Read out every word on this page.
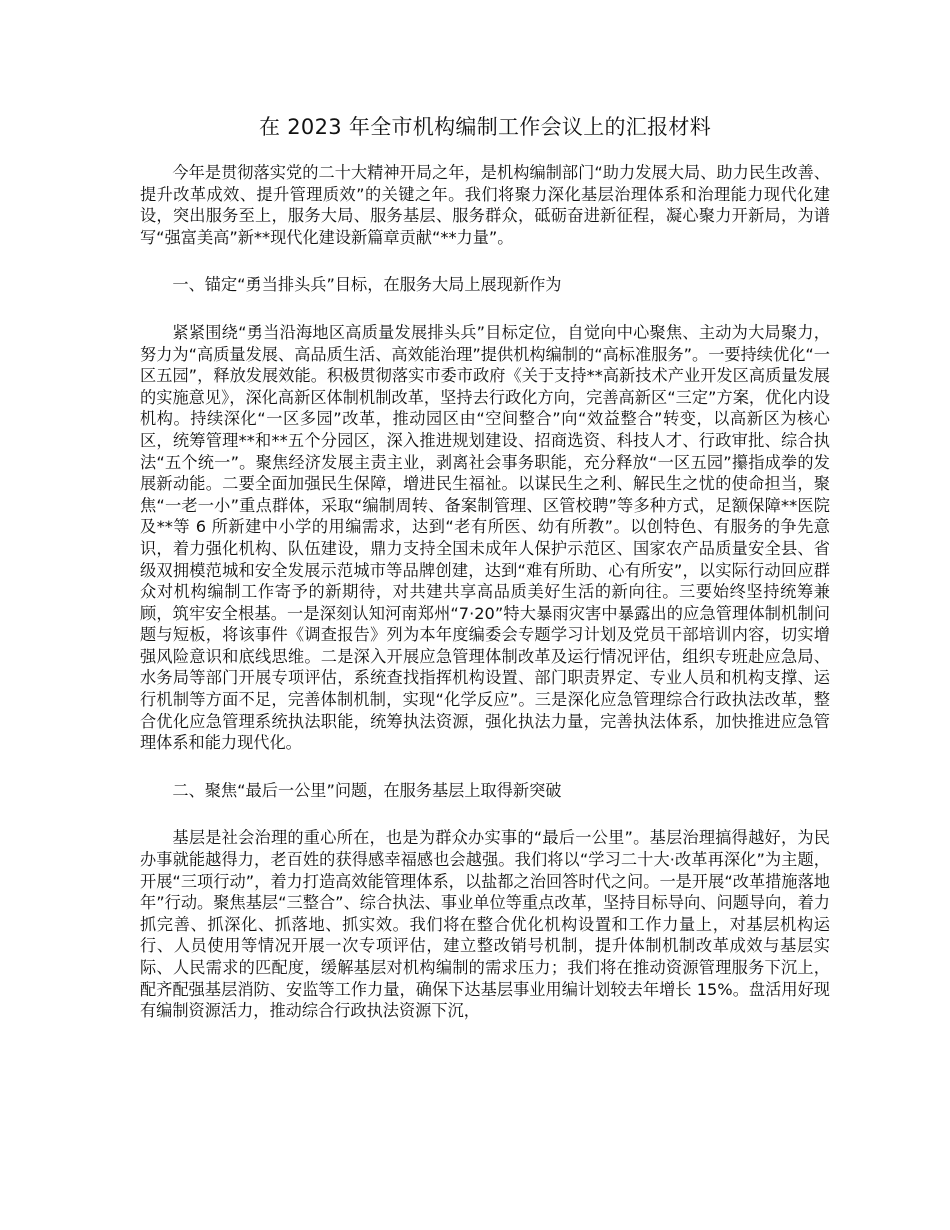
在 2023 年全市机构编制工作会议上的汇报材料

今年是贯彻落实党的二十大精神开局之年，是机构编制部门“助力发展大局、助力民生改善、提升改革成效、提升管理质效”的关键之年。我们将聚力深化基层治理体系和治理能力现代化建设，突出服务至上，服务大局、服务基层、服务群众，砥砺奋进新征程，凝心聚力开新局，为谱写“强富美高”新**现代化建设新篇章贡献“**力量”。

一、锚定“勇当排头兵”目标，在服务大局上展现新作为

紧紧围绕“勇当沿海地区高质量发展排头兵”目标定位，自觉向中心聚焦、主动为大局聚力，努力为“高质量发展、高品质生活、高效能治理”提供机构编制的“高标准服务”。一要持续优化“一区五园”，释放发展效能。积极贯彻落实市委市政府《关于支持**高新技术产业开发区高质量发展的实施意见》，深化高新区体制机制改革，坚持去行政化方向，完善高新区“三定”方案，优化内设机构。持续深化“一区多园”改革，推动园区由“空间整合”向“效益整合”转变，以高新区为核心区，统筹管理**和**五个分园区，深入推进规划建设、招商选资、科技人才、行政审批、综合执法“五个统一”。聚焦经济发展主责主业，剥离社会事务职能，充分释放“一区五园”攥指成拳的发展新动能。二要全面加强民生保障，增进民生福祉。以谋民生之利、解民生之忧的使命担当，聚焦“一老一小”重点群体，采取“编制周转、备案制管理、区管校聘”等多种方式，足额保障**医院及**等 6 所新建中小学的用编需求，达到“老有所医、幼有所教”。以创特色、有服务的争先意识，着力强化机构、队伍建设，鼎力支持全国未成年人保护示范区、国家农产品质量安全县、省级双拥模范城和安全发展示范城市等品牌创建，达到“难有所助、心有所安”，以实际行动回应群众对机构编制工作寄予的新期待，对共建共享高品质美好生活的新向往。三要始终坚持统筹兼顾，筑牢安全根基。一是深刻认知河南郑州“7·20”特大暴雨灾害中暴露出的应急管理体制机制问题与短板，将该事件《调查报告》列为本年度编委会专题学习计划及党员干部培训内容，切实增强风险意识和底线思维。二是深入开展应急管理体制改革及运行情况评估，组织专班赴应急局、水务局等部门开展专项评估，系统查找指挥机构设置、部门职责界定、专业人员和机构支撑、运行机制等方面不足，完善体制机制，实现“化学反应”。三是深化应急管理综合行政执法改革，整合优化应急管理系统执法职能，统筹执法资源，强化执法力量，完善执法体系，加快推进应急管理体系和能力现代化。

二、聚焦“最后一公里”问题，在服务基层上取得新突破

基层是社会治理的重心所在，也是为群众办实事的“最后一公里”。基层治理搞得越好，为民办事就能越得力，老百姓的获得感幸福感也会越强。我们将以“学习二十大·改革再深化”为主题，开展“三项行动”，着力打造高效能管理体系，以盐都之治回答时代之问。一是开展“改革措施落地年”行动。聚焦基层“三整合”、综合执法、事业单位等重点改革，坚持目标导向、问题导向，着力抓完善、抓深化、抓落地、抓实效。我们将在整合优化机构设置和工作力量上，对基层机构运行、人员使用等情况开展一次专项评估，建立整改销号机制，提升体制机制改革成效与基层实际、人民需求的匹配度，缓解基层对机构编制的需求压力；我们将在推动资源管理服务下沉上，配齐配强基层消防、安监等工作力量，确保下达基层事业用编计划较去年增长 15%。盘活用好现有编制资源活力，推动综合行政执法资源下沉，
